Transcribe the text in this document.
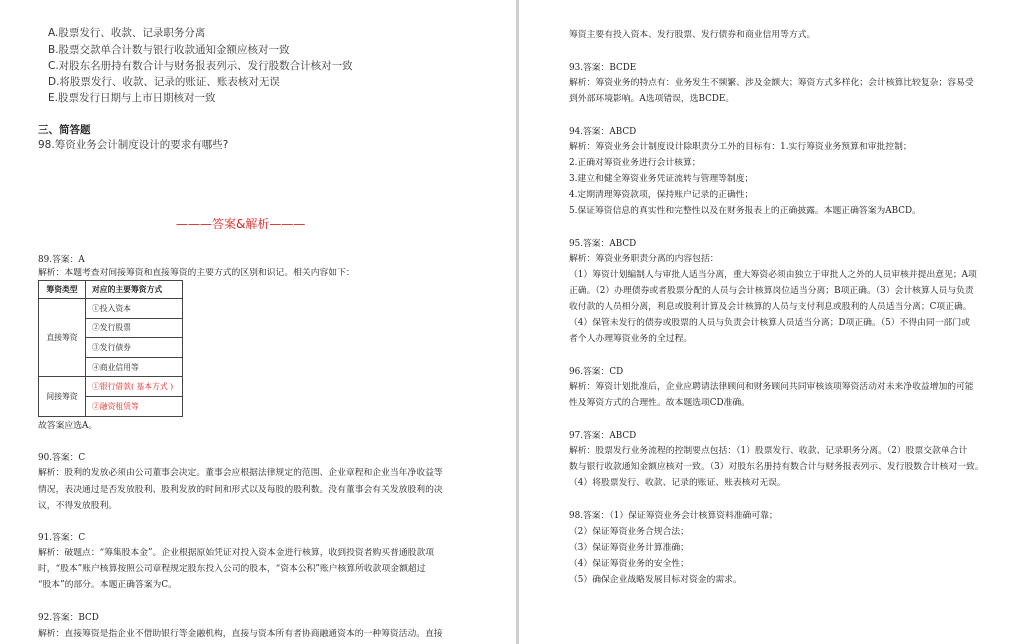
A.股票发行、收款、记录职务分离
B.股票交款单合计数与银行收款通知金额应核对一致
C.对股东名册持有数合计与财务报表列示、发行股数合计核对一致
D.将股票发行、收款、记录的账证、账表核对无误
E.股票发行日期与上市日期核对一致
三、简答题
98.筹资业务会计制度设计的要求有哪些?
———答案&解析———
89.答案：A
解析：本题考查对间接筹资和直接筹资的主要方式的区别和识记。相关内容如下：
筹资类型	对应的主要筹资方式
直接筹资	①投入资本
	②发行股票
	③发行债券
	④商业信用等
间接筹资	①银行借款( 基本方式 )
	②融资租赁等
故答案应选A。
90.答案：C
解析：股利的发放必须由公司董事会决定。董事会应根据法律规定的范围、企业章程和企业当年净收益等
情况，表决通过是否发放股利、股利发放的时间和形式以及每股的股利数。没有董事会有关发放股利的决
议，不得发放股利。
91.答案：C
解析：破题点：“筹集股本金”。企业根据原始凭证对投入资本金进行核算，收到投资者购买普通股款项
时，“股本”账户核算按照公司章程规定股东投入公司的股本，“资本公积”账户核算所收款项金额超过
“股本”的部分。本题正确答案为C。
92.答案：BCD
解析：直接筹资是指企业不借助银行等金融机构，直接与资本所有者协商融通资本的一种筹资活动。直接
筹资主要有投入资本、发行股票、发行债券和商业信用等方式。
93.答案：BCDE
解析：筹资业务的特点有：业务发生不频繁、涉及金额大；筹资方式多样化；会计核算比较复杂；容易受
到外部环境影响。A选项错误，选BCDE。
94.答案：ABCD
解析：筹资业务会计制度设计除职责分工外的目标有：1.实行筹资业务预算和审批控制；
2.正确对筹资业务进行会计核算；
3.建立和健全筹资业务凭证流转与管理等制度；
4.定期清理筹资款项，保持账户记录的正确性；
5.保证筹资信息的真实性和完整性以及在财务报表上的正确披露。本题正确答案为ABCD。
95.答案：ABCD
解析：筹资业务职责分离的内容包括：
（1）筹资计划编制人与审批人适当分离，重大筹资必须由独立于审批人之外的人员审核并提出意见；A项
正确。（2）办理债券或者股票分配的人员与会计核算岗位适当分离；B项正确。（3）会计核算人员与负责
收付款的人员相分离，利息或股利计算及会计核算的人员与支付利息或股利的人员适当分离；C项正确。
（4）保管未发行的债券或股票的人员与负责会计核算人员适当分离；D项正确。（5）不得由同一部门或
者个人办理筹资业务的全过程。
96.答案：CD
解析：筹资计划批准后，企业应聘请法律顾问和财务顾问共同审核该项筹资活动对未来净收益增加的可能
性及筹资方式的合理性。故本题选项CD准确。
97.答案：ABCD
解析：股票发行业务流程的控制要点包括：（1）股票发行、收款、记录职务分离。（2）股票交款单合计
数与银行收款通知金额应核对一致。（3）对股东名册持有数合计与财务报表列示、发行股数合计核对一致。
（4）将股票发行、收款、记录的账证、账表核对无误。
98.答案：（1）保证筹资业务会计核算资料准确可靠；
（2）保证筹资业务合规合法；
（3）保证筹资业务计算准确；
（4）保证筹资业务的安全性；
（5）确保企业战略发展目标对资金的需求。
